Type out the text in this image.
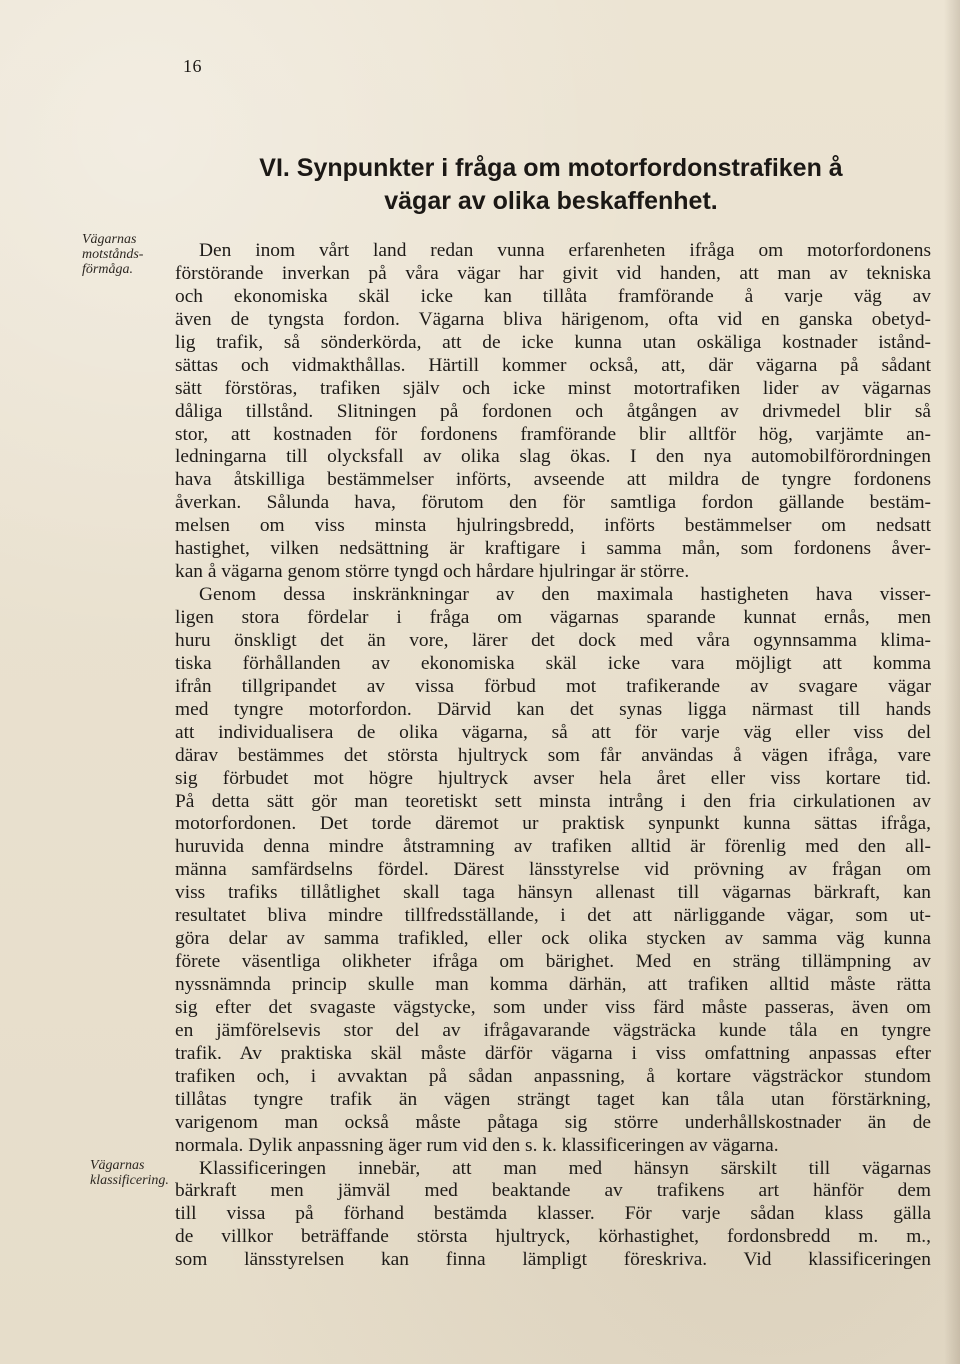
16
VI. Synpunkter i fråga om motorfordonstrafiken å
vägar av olika beskaffenhet.
Vägarnas
motstånds-
förmåga.
Vägarnas
klassificering.
Den inom vårt land redan vunna erfarenheten ifråga om motorfordonens
förstörande inverkan på våra vägar har givit vid handen, att man av tekniska
och ekonomiska skäl icke kan tillåta framförande å varje väg av
även de tyngsta fordon. Vägarna bliva härigenom, ofta vid en ganska obetyd-
lig trafik, så sönderkörda, att de icke kunna utan oskäliga kostnader istånd-
sättas och vidmakthållas. Härtill kommer också, att, där vägarna på sådant
sätt förstöras, trafiken själv och icke minst motortrafiken lider av vägarnas
dåliga tillstånd. Slitningen på fordonen och åtgången av drivmedel blir så
stor, att kostnaden för fordonens framförande blir alltför hög, varjämte an-
ledningarna till olycksfall av olika slag ökas. I den nya automobilförordningen
hava åtskilliga bestämmelser införts, avseende att mildra de tyngre fordonens
åverkan. Sålunda hava, förutom den för samtliga fordon gällande bestäm-
melsen om viss minsta hjulringsbredd, införts bestämmelser om nedsatt
hastighet, vilken nedsättning är kraftigare i samma mån, som fordonens åver-
kan å vägarna genom större tyngd och hårdare hjulringar är större.
Genom dessa inskränkningar av den maximala hastigheten hava visser-
ligen stora fördelar i fråga om vägarnas sparande kunnat ernås, men
huru önskligt det än vore, lärer det dock med våra ogynnsamma klima-
tiska förhållanden av ekonomiska skäl icke vara möjligt att komma
ifrån tillgripandet av vissa förbud mot trafikerande av svagare vägar
med tyngre motorfordon. Därvid kan det synas ligga närmast till hands
att individualisera de olika vägarna, så att för varje väg eller viss del
därav bestämmes det största hjultryck som får användas å vägen ifråga, vare
sig förbudet mot högre hjultryck avser hela året eller viss kortare tid.
På detta sätt gör man teoretiskt sett minsta intrång i den fria cirkulationen av
motorfordonen. Det torde däremot ur praktisk synpunkt kunna sättas ifråga,
huruvida denna mindre åtstramning av trafiken alltid är förenlig med den all-
männa samfärdselns fördel. Därest länsstyrelse vid prövning av frågan om
viss trafiks tillåtlighet skall taga hänsyn allenast till vägarnas bärkraft, kan
resultatet bliva mindre tillfredsställande, i det att närliggande vägar, som ut-
göra delar av samma trafikled, eller ock olika stycken av samma väg kunna
förete väsentliga olikheter ifråga om bärighet. Med en sträng tillämpning av
nyssnämnda princip skulle man komma därhän, att trafiken alltid måste rätta
sig efter det svagaste vägstycke, som under viss färd måste passeras, även om
en jämförelsevis stor del av ifrågavarande vägsträcka kunde tåla en tyngre
trafik. Av praktiska skäl måste därför vägarna i viss omfattning anpassas efter
trafiken och, i avvaktan på sådan anpassning, å kortare vägsträckor stundom
tillåtas tyngre trafik än vägen strängt taget kan tåla utan förstärkning,
varigenom man också måste påtaga sig större underhållskostnader än de
normala. Dylik anpassning äger rum vid den s. k. klassificeringen av vägarna.
Klassificeringen innebär, att man med hänsyn särskilt till vägarnas
bärkraft men jämväl med beaktande av trafikens art hänför dem
till vissa på förhand bestämda klasser. För varje sådan klass gälla
de villkor beträffande största hjultryck, körhastighet, fordonsbredd m. m.,
som länsstyrelsen kan finna lämpligt föreskriva. Vid klassificeringen
